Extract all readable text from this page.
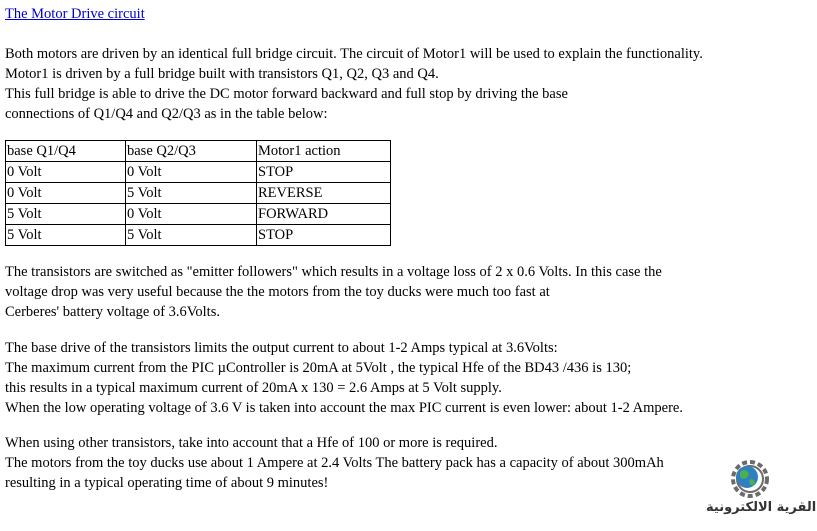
The Motor Drive circuit
Both motors are driven by an identical full bridge circuit. The circuit of Motor1 will be used to explain the functionality.
Motor1 is driven by a full bridge built with transistors Q1, Q2, Q3 and Q4.
This full bridge is able to drive the DC motor forward backward and full stop by driving the base
connections of Q1/Q4 and Q2/Q3 as in the table below:
base Q1/Q4	base Q2/Q3	Motor1 action
0 Volt	0 Volt	STOP
0 Volt	5 Volt	REVERSE
5 Volt	0 Volt	FORWARD
5 Volt	5 Volt	STOP
The transistors are switched as "emitter followers" which results in a voltage loss of 2 x 0.6 Volts. In this case the
voltage drop was very useful because the the motors from the toy ducks were much too fast at
Cerberes' battery voltage of 3.6Volts.
The base drive of the transistors limits the output current to about 1-2 Amps typical at 3.6Volts:
The maximum current from the PIC µController is 20mA at 5Volt , the typical Hfe of the BD43 /436 is 130;
this results in a typical maximum current of 20mA x 130 = 2.6 Amps at 5 Volt supply.
When the low operating voltage of 3.6 V is taken into account the max PIC current is even lower: about 1-2 Ampere.
When using other transistors, take into account that a Hfe of 100 or more is required.
The motors from the toy ducks use about 1 Ampere at 2.4 Volts The battery pack has a capacity of about 300mAh
resulting in a typical operating time of about 9 minutes!
القرية الالكترونية
